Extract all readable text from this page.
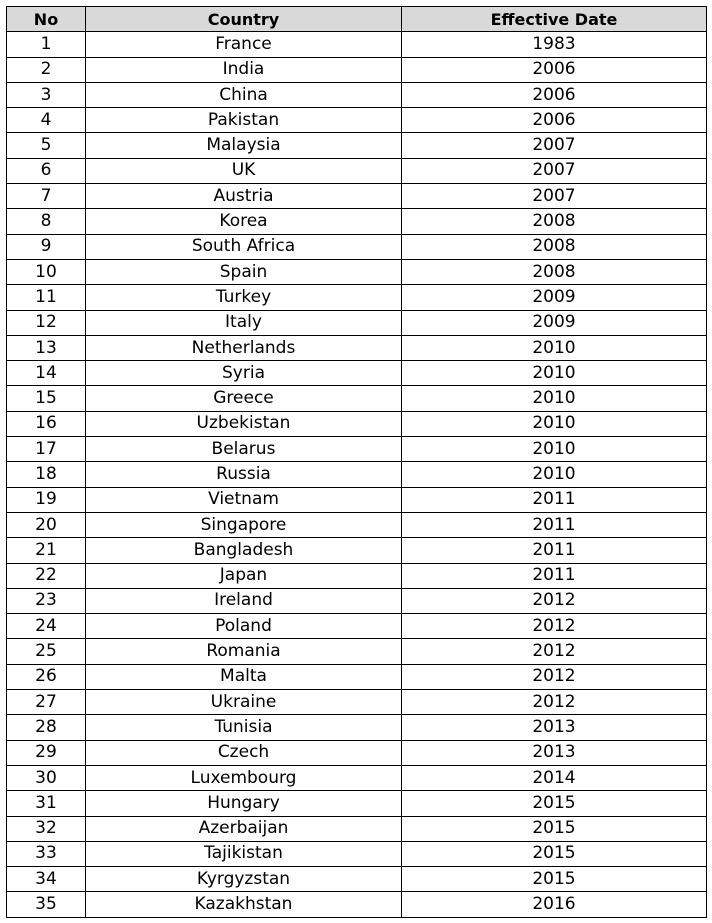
No	Country	Effective Date
1	France	1983
2	India	2006
3	China	2006
4	Pakistan	2006
5	Malaysia	2007
6	UK	2007
7	Austria	2007
8	Korea	2008
9	South Africa	2008
10	Spain	2008
11	Turkey	2009
12	Italy	2009
13	Netherlands	2010
14	Syria	2010
15	Greece	2010
16	Uzbekistan	2010
17	Belarus	2010
18	Russia	2010
19	Vietnam	2011
20	Singapore	2011
21	Bangladesh	2011
22	Japan	2011
23	Ireland	2012
24	Poland	2012
25	Romania	2012
26	Malta	2012
27	Ukraine	2012
28	Tunisia	2013
29	Czech	2013
30	Luxembourg	2014
31	Hungary	2015
32	Azerbaijan	2015
33	Tajikistan	2015
34	Kyrgyzstan	2015
35	Kazakhstan	2016
